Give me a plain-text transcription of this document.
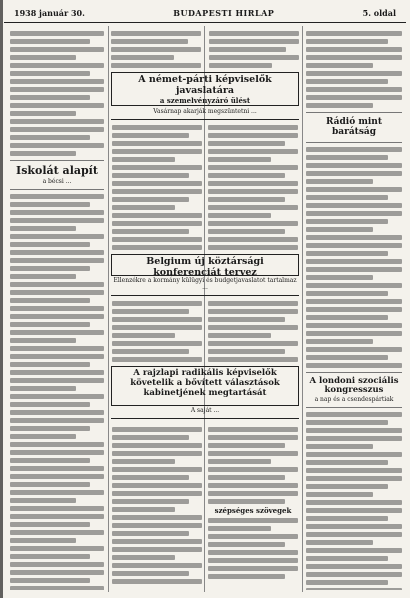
1938 január 30.	BUDAPESTI HIRLAP	5. oldal
Iskolát alapít
a bécsi ...
A német-párti képviselők javaslatára
a szemelvényzáró ülést
Vasárnap akarják megszüntetni ...
Belgium új köztársági konferenciát tervez
Ellenzékre a kormány külügyi és budgetjavaslatot tartalmaz ...
A rajzlapi radikális képviselők követelik a bővített választások kabinetjének megtartását
A saját ...
szépséges szövegek
Rádió mint barátság
A londoni szociális kongresszus
a nap és a csendespártiak
